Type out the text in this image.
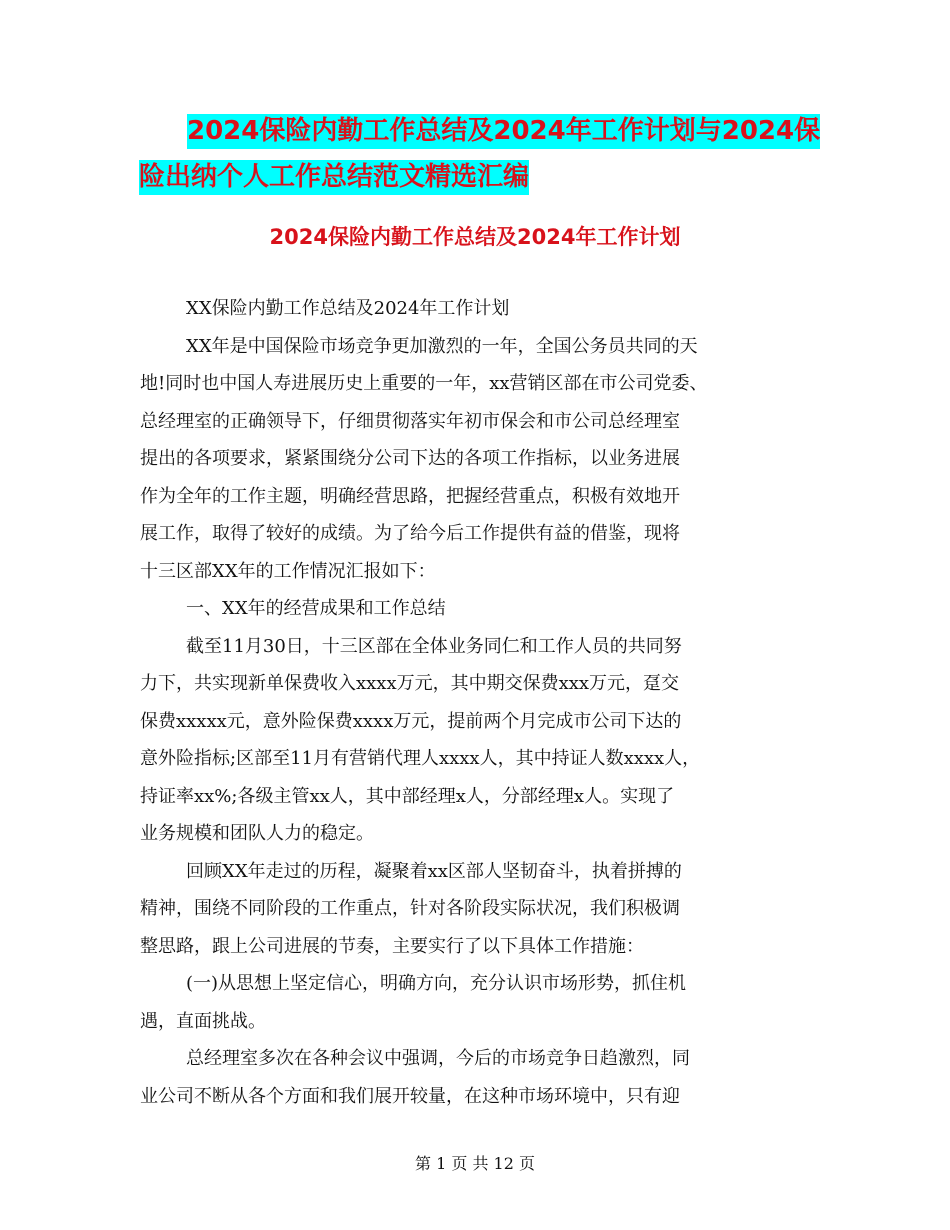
2024保险内勤工作总结及2024年工作计划与2024保
险出纳个人工作总结范文精选汇编
2024保险内勤工作总结及2024年工作计划

XX保险内勤工作总结及2024年工作计划

XX年是中国保险市场竞争更加激烈的一年，全国公务员共同的天
地!同时也中国人寿进展历史上重要的一年，xx营销区部在市公司党委、
总经理室的正确领导下，仔细贯彻落实年初市保会和市公司总经理室
提出的各项要求，紧紧围绕分公司下达的各项工作指标，以业务进展
作为全年的工作主题，明确经营思路，把握经营重点，积极有效地开
展工作，取得了较好的成绩。为了给今后工作提供有益的借鉴，现将
十三区部XX年的工作情况汇报如下：

一、XX年的经营成果和工作总结

截至11月30日，十三区部在全体业务同仁和工作人员的共同努
力下，共实现新单保费收入xxxx万元，其中期交保费xxx万元，趸交
保费xxxxx元，意外险保费xxxx万元，提前两个月完成市公司下达的
意外险指标;区部至11月有营销代理人xxxx人，其中持证人数xxxx人，
持证率xx%;各级主管xx人，其中部经理x人，分部经理x人。实现了
业务规模和团队人力的稳定。

回顾XX年走过的历程，凝聚着xx区部人坚韧奋斗，执着拼搏的
精神，围绕不同阶段的工作重点，针对各阶段实际状况，我们积极调
整思路，跟上公司进展的节奏，主要实行了以下具体工作措施：

(一)从思想上坚定信心，明确方向，充分认识市场形势，抓住机
遇，直面挑战。

总经理室多次在各种会议中强调，今后的市场竞争日趋激烈，同
业公司不断从各个方面和我们展开较量，在这种市场环境中，只有迎

第 1 页 共 12 页
